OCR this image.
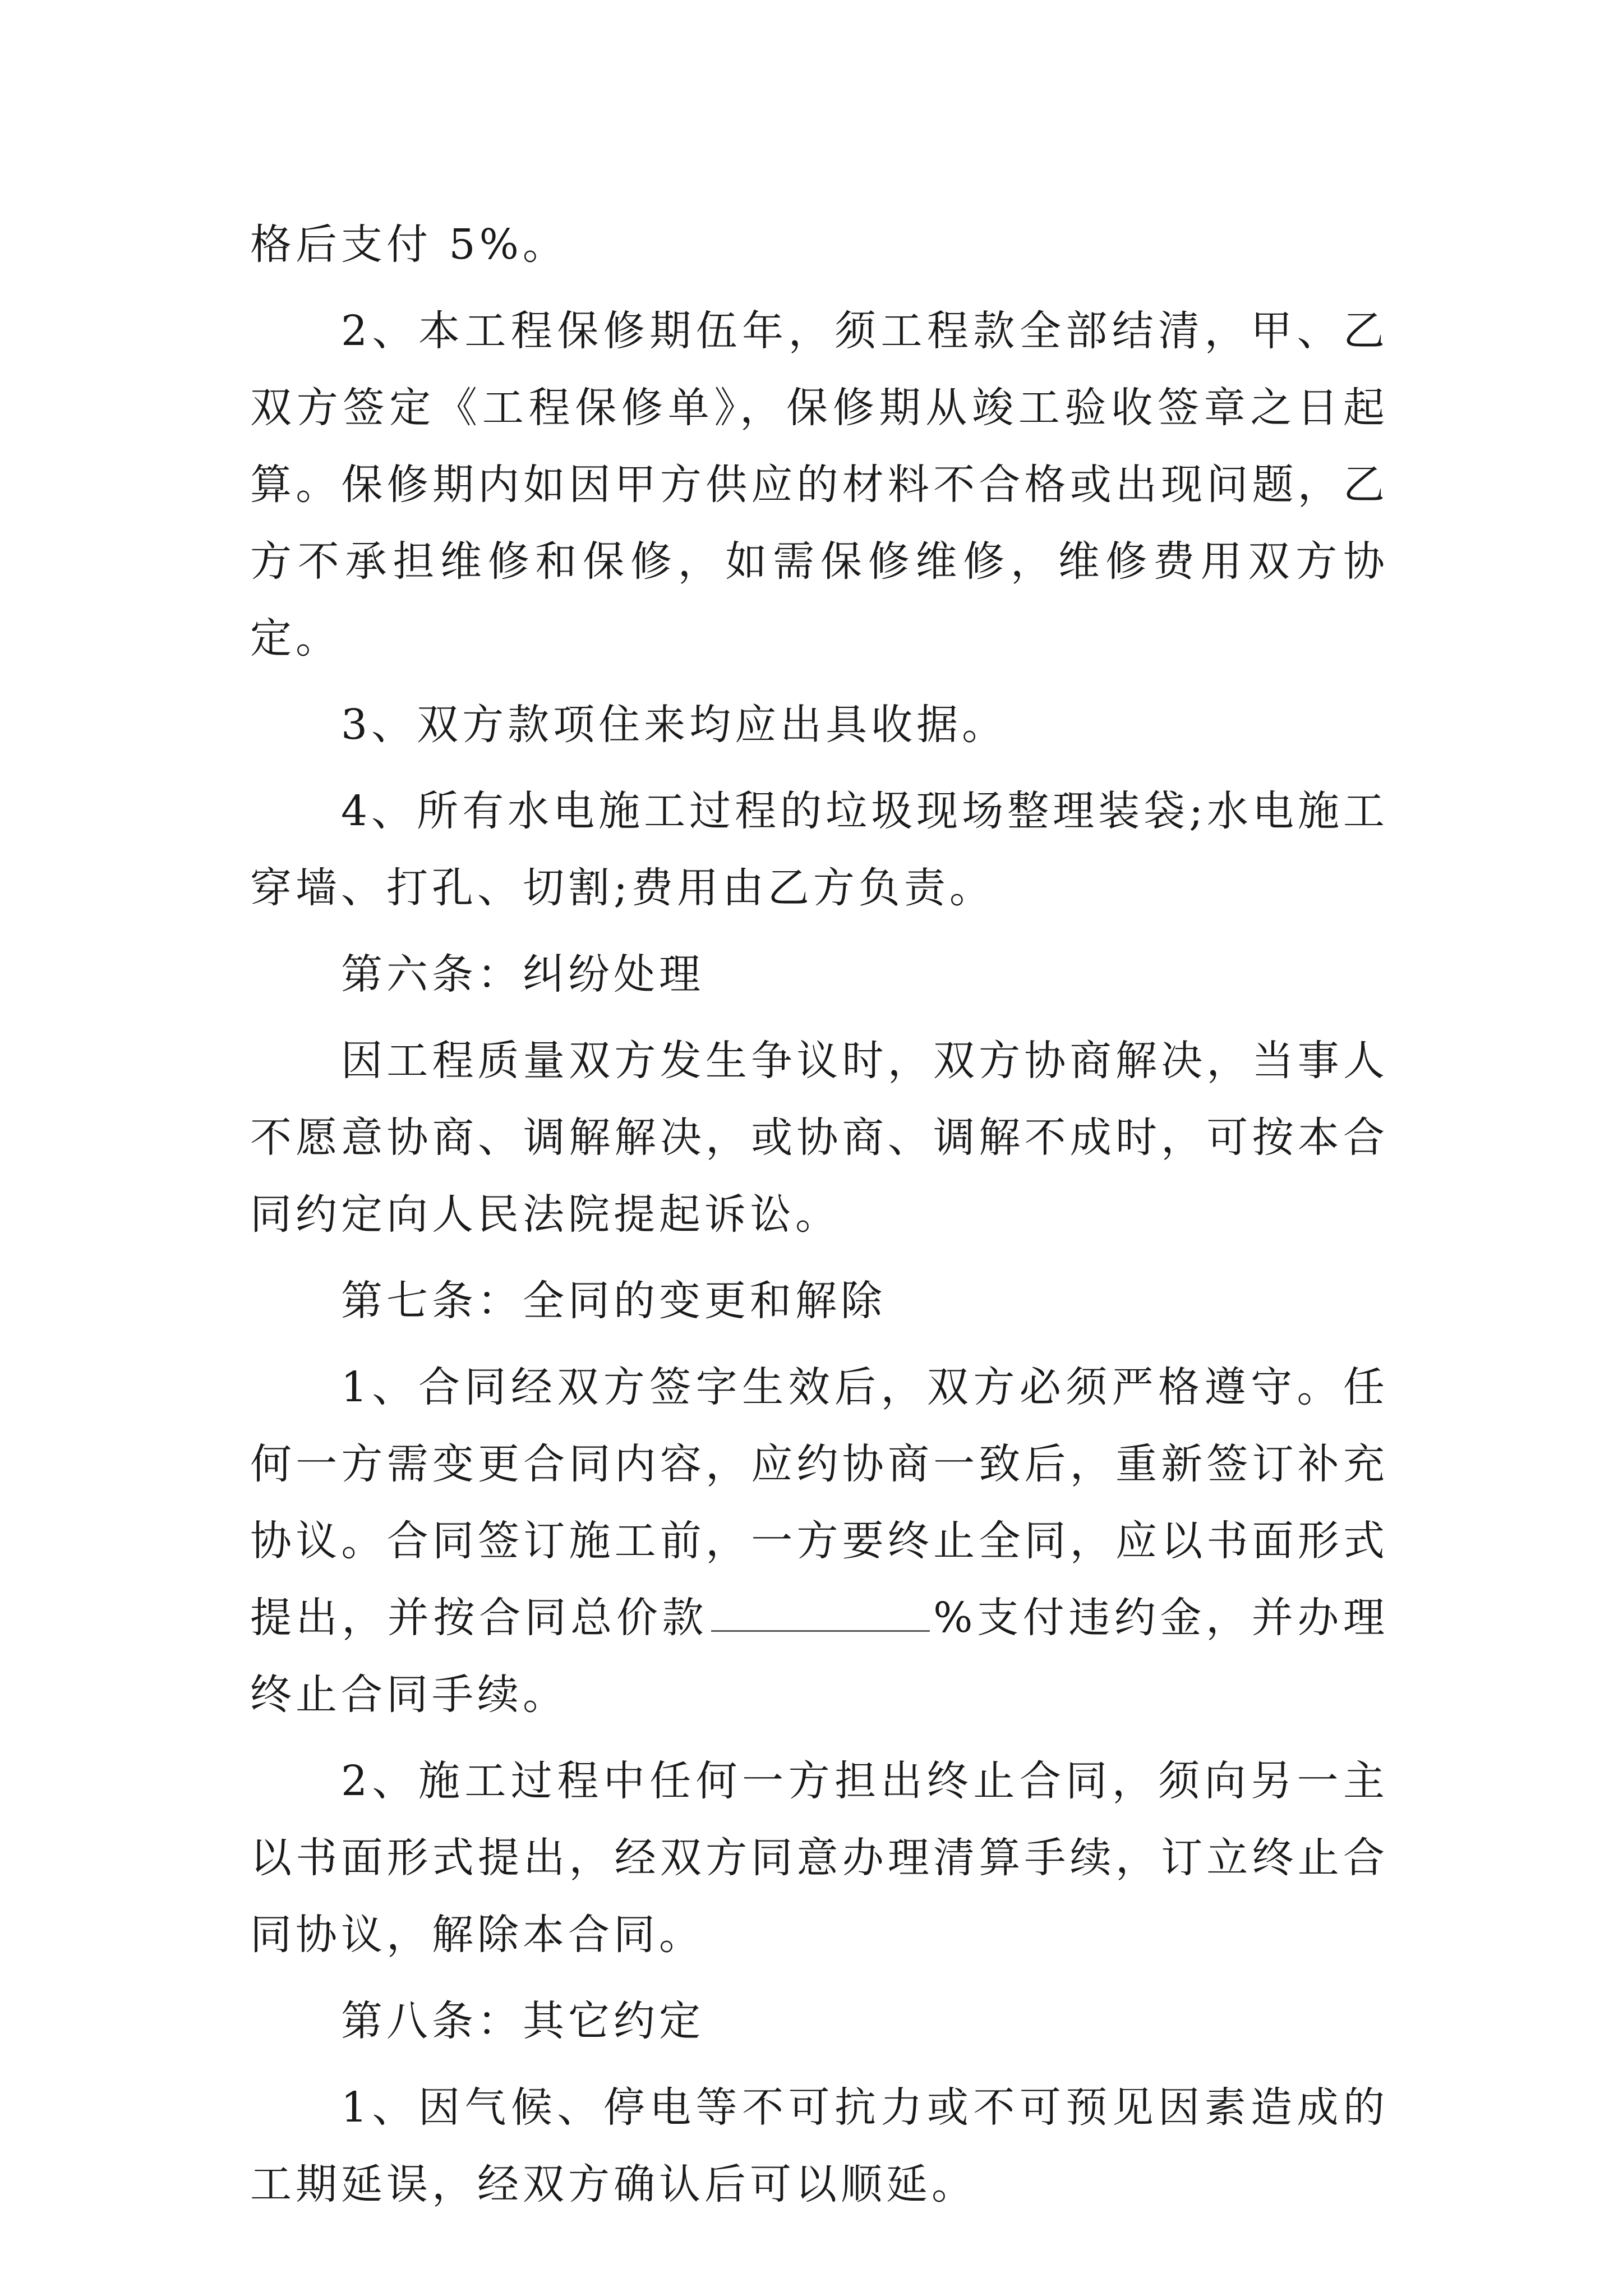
格后支付 5%。

2、本工程保修期伍年，须工程款全部结清，甲、乙双方签定《工程保修单》，保修期从竣工验收签章之日起算。保修期内如因甲方供应的材料不合格或出现问题，乙方不承担维修和保修，如需保修维修，维修费用双方协定。

3、双方款项住来均应出具收据。

4、所有水电施工过程的垃圾现场整理装袋;水电施工穿墙、打孔、切割;费用由乙方负责。

第六条：纠纷处理

因工程质量双方发生争议时，双方协商解决，当事人不愿意协商、调解解决，或协商、调解不成时，可按本合同约定向人民法院提起诉讼。

第七条：全同的变更和解除

1、合同经双方签字生效后，双方必须严格遵守。任何一方需变更合同内容，应约协商一致后，重新签订补充协议。合同签订施工前，一方要终止全同，应以书面形式提出，并按合同总价款	%支付违约金，并办理终止合同手续。

2、施工过程中任何一方担出终止合同，须向另一主以书面形式提出，经双方同意办理清算手续，订立终止合同协议，解除本合同。

第八条：其它约定

1、因气候、停电等不可抗力或不可预见因素造成的工期延误，经双方确认后可以顺延。
